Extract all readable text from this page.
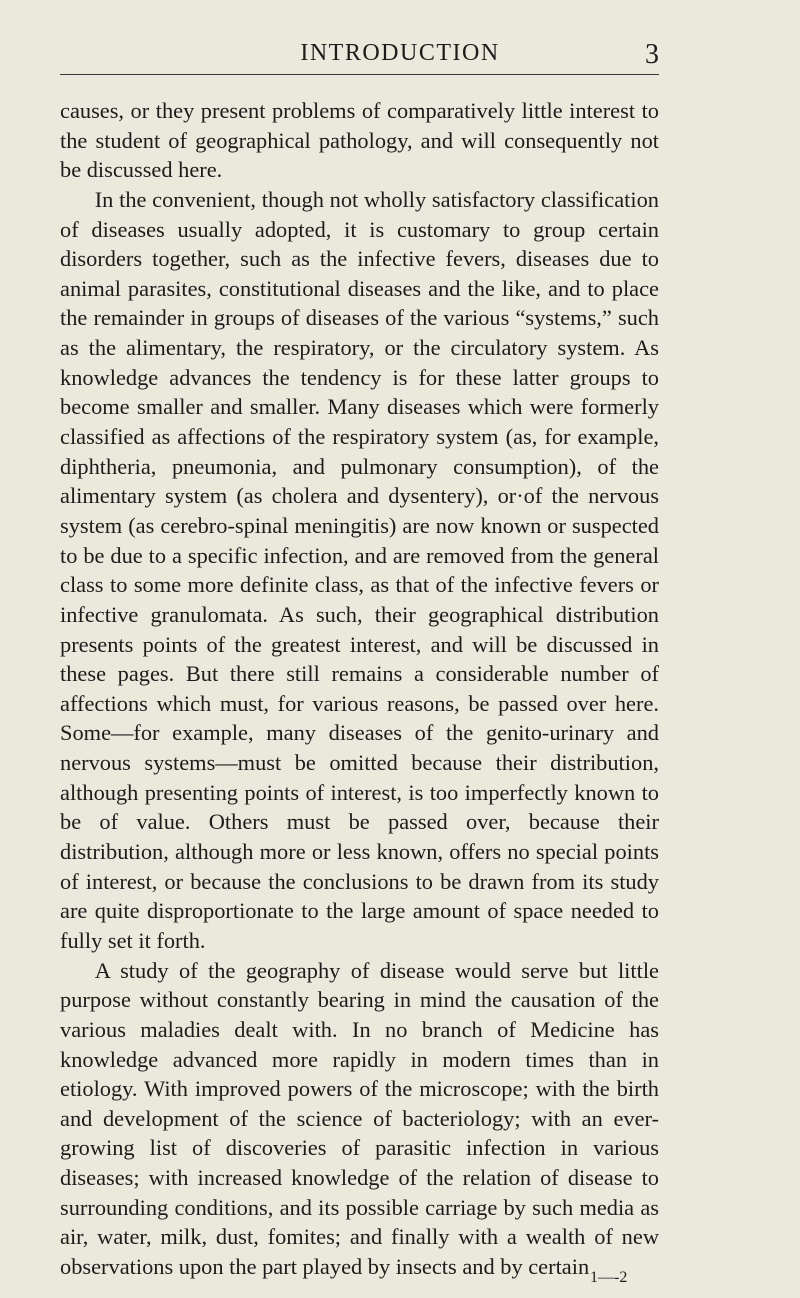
INTRODUCTION	3

causes, or they present problems of comparatively little interest to the student of geographical pathology, and will consequently not be discussed here.

In the convenient, though not wholly satisfactory classification of diseases usually adopted, it is customary to group certain disorders together, such as the infective fevers, diseases due to animal parasites, constitutional diseases and the like, and to place the remainder in groups of diseases of the various “systems,” such as the alimentary, the respiratory, or the circulatory system. As knowledge advances the tendency is for these latter groups to become smaller and smaller. Many diseases which were formerly classified as affections of the respiratory system (as, for example, diphtheria, pneumonia, and pulmonary consumption), of the alimentary system (as cholera and dysentery), or·of the nervous system (as cerebro-spinal meningitis) are now known or suspected to be due to a specific infection, and are removed from the general class to some more definite class, as that of the infective fevers or infective granulomata. As such, their geographical distribution presents points of the greatest interest, and will be discussed in these pages. But there still remains a considerable number of affections which must, for various reasons, be passed over here. Some—for example, many diseases of the genito-urinary and nervous systems—must be omitted because their distribution, although presenting points of interest, is too imperfectly known to be of value. Others must be passed over, because their distribution, although more or less known, offers no special points of interest, or because the conclusions to be drawn from its study are quite disproportionate to the large amount of space needed to fully set it forth.

A study of the geography of disease would serve but little purpose without constantly bearing in mind the causation of the various maladies dealt with. In no branch of Medicine has knowledge advanced more rapidly in modern times than in etiology. With improved powers of the microscope; with the birth and development of the science of bacteriology; with an ever-growing list of discoveries of parasitic infection in various diseases; with increased knowledge of the relation of disease to surrounding conditions, and its possible carriage by such media as air, water, milk, dust, fomites; and finally with a wealth of new observations upon the part played by insects and by certain 1—-2
